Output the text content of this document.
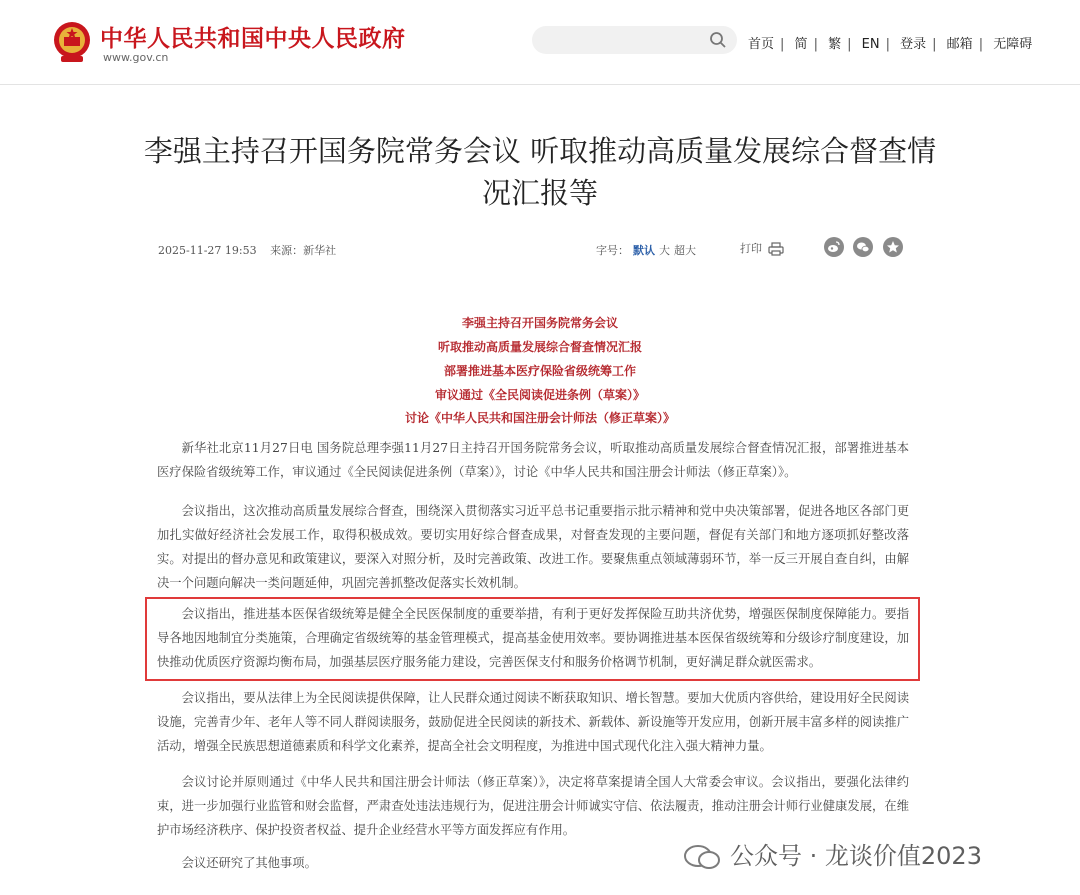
中华人民共和国中央人民政府
www.gov.cn
首页 | 简 | 繁 | EN | 登录 | 邮箱 | 无障碍
李强主持召开国务院常务会议 听取推动高质量发展综合督查情况汇报等
2025-11-27 19:53 来源：新华社	字号： 默认 大 超大	打印
李强主持召开国务院常务会议
听取推动高质量发展综合督查情况汇报
部署推进基本医疗保险省级统筹工作
审议通过《全民阅读促进条例（草案）》
讨论《中华人民共和国注册会计师法（修正草案）》
新华社北京11月27日电 国务院总理李强11月27日主持召开国务院常务会议，听取推动高质量发展综合督查情况汇报，部署推进基本医疗保险省级统筹工作，审议通过《全民阅读促进条例（草案）》，讨论《中华人民共和国注册会计师法（修正草案）》。
会议指出，这次推动高质量发展综合督查，围绕深入贯彻落实习近平总书记重要指示批示精神和党中央决策部署，促进各地区各部门更加扎实做好经济社会发展工作，取得积极成效。要切实用好综合督查成果，对督查发现的主要问题，督促有关部门和地方逐项抓好整改落实。对提出的督办意见和政策建议，要深入对照分析，及时完善政策、改进工作。要聚焦重点领域薄弱环节，举一反三开展自查自纠，由解决一个问题向解决一类问题延伸，巩固完善抓整改促落实长效机制。
会议指出，推进基本医保省级统筹是健全全民医保制度的重要举措，有利于更好发挥保险互助共济优势，增强医保制度保障能力。要指导各地因地制宜分类施策，合理确定省级统筹的基金管理模式，提高基金使用效率。要协调推进基本医保省级统筹和分级诊疗制度建设，加快推动优质医疗资源均衡布局，加强基层医疗服务能力建设，完善医保支付和服务价格调节机制，更好满足群众就医需求。
会议指出，要从法律上为全民阅读提供保障，让人民群众通过阅读不断获取知识、增长智慧。要加大优质内容供给，建设用好全民阅读设施，完善青少年、老年人等不同人群阅读服务，鼓励促进全民阅读的新技术、新载体、新设施等开发应用，创新开展丰富多样的阅读推广活动，增强全民族思想道德素质和科学文化素养，提高全社会文明程度，为推进中国式现代化注入强大精神力量。
会议讨论并原则通过《中华人民共和国注册会计师法（修正草案）》，决定将草案提请全国人大常委会审议。会议指出，要强化法律约束，进一步加强行业监管和财会监督，严肃查处违法违规行为，促进注册会计师诚实守信、依法履责，推动注册会计师行业健康发展，在维护市场经济秩序、保护投资者权益、提升企业经营水平等方面发挥应有作用。
会议还研究了其他事项。	公众号 · 龙谈价值2023
